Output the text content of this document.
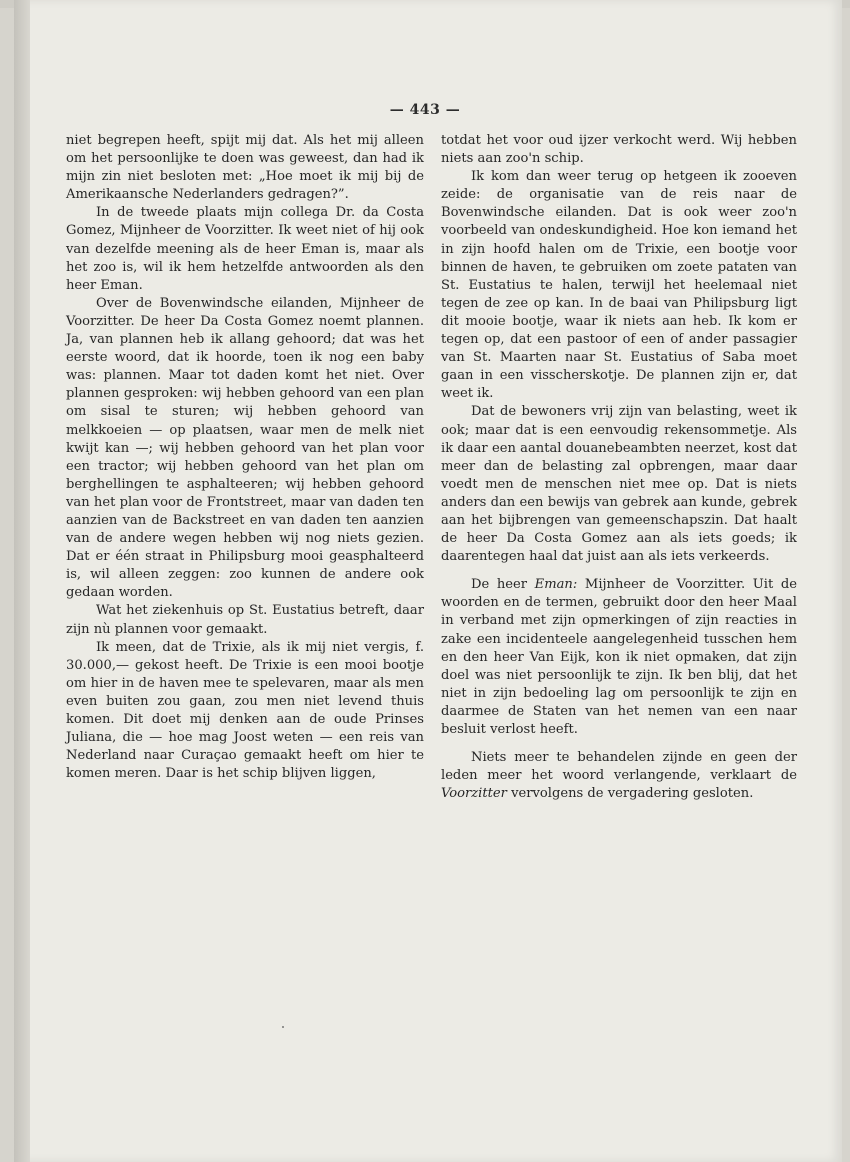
— 443 —

niet begrepen heeft, spijt mij dat. Als het mij alleen om het persoonlijke te doen was geweest, dan had ik mijn zin niet besloten met: „Hoe moet ik mij bij de Amerikaansche Nederlanders gedragen?”.

In de tweede plaats mijn collega Dr. da Costa Gomez, Mijnheer de Voorzitter. Ik weet niet of hij ook van dezelfde meening als de heer Eman is, maar als het zoo is, wil ik hem hetzelfde antwoorden als den heer Eman.

Over de Bovenwindsche eilanden, Mijnheer de Voorzitter. De heer Da Costa Gomez noemt plannen. Ja, van plannen heb ik allang gehoord; dat was het eerste woord, dat ik hoorde, toen ik nog een baby was: plannen. Maar tot daden komt het niet. Over plannen gesproken: wij hebben gehoord van een plan om sisal te sturen; wij hebben gehoord van melkkoeien — op plaatsen, waar men de melk niet kwijt kan —; wij hebben gehoord van het plan voor een tractor; wij hebben gehoord van het plan om berghellingen te asphalteeren; wij hebben gehoord van het plan voor de Frontstreet, maar van daden ten aanzien van de Backstreet en van daden ten aanzien van de andere wegen hebben wij nog niets gezien. Dat er één straat in Philipsburg mooi geasphalteerd is, wil alleen zeggen: zoo kunnen de andere ook gedaan worden.

Wat het ziekenhuis op St. Eustatius betreft, daar zijn nù plannen voor gemaakt.

Ik meen, dat de Trixie, als ik mij niet vergis, f. 30.000,— gekost heeft. De Trixie is een mooi bootje om hier in de haven mee te spelevaren, maar als men even buiten zou gaan, zou men niet levend thuis komen. Dit doet mij denken aan de oude Prinses Juliana, die — hoe mag Joost weten — een reis van Nederland naar Curaçao gemaakt heeft om hier te komen meren. Daar is het schip blijven liggen,

totdat het voor oud ijzer verkocht werd. Wij hebben niets aan zoo'n schip.

Ik kom dan weer terug op hetgeen ik zooeven zeide: de organisatie van de reis naar de Bovenwindsche eilanden. Dat is ook weer zoo'n voorbeeld van ondeskundigheid. Hoe kon iemand het in zijn hoofd halen om de Trixie, een bootje voor binnen de haven, te gebruiken om zoete pataten van St. Eustatius te halen, terwijl het heelemaal niet tegen de zee op kan. In de baai van Philipsburg ligt dit mooie bootje, waar ik niets aan heb. Ik kom er tegen op, dat een pastoor of een of ander passagier van St. Maarten naar St. Eustatius of Saba moet gaan in een visscherskotje. De plannen zijn er, dat weet ik.

Dat de bewoners vrij zijn van belasting, weet ik ook; maar dat is een eenvoudig rekensommetje. Als ik daar een aantal douanebeambten neerzet, kost dat meer dan de belasting zal opbrengen, maar daar voedt men de menschen niet mee op. Dat is niets anders dan een bewijs van gebrek aan kunde, gebrek aan het bijbrengen van gemeenschapszin. Dat haalt de heer Da Costa Gomez aan als iets goeds; ik daarentegen haal dat juist aan als iets verkeerds.

De heer Eman: Mijnheer de Voorzitter. Uit de woorden en de termen, gebruikt door den heer Maal in verband met zijn opmerkingen of zijn reacties in zake een incidenteele aangelegenheid tusschen hem en den heer Van Eijk, kon ik niet opmaken, dat zijn doel was niet persoonlijk te zijn. Ik ben blij, dat het niet in zijn bedoeling lag om persoonlijk te zijn en daarmee de Staten van het nemen van een naar besluit verlost heeft.

Niets meer te behandelen zijnde en geen der leden meer het woord verlangende, verklaart de Voorzitter vervolgens de vergadering gesloten.
